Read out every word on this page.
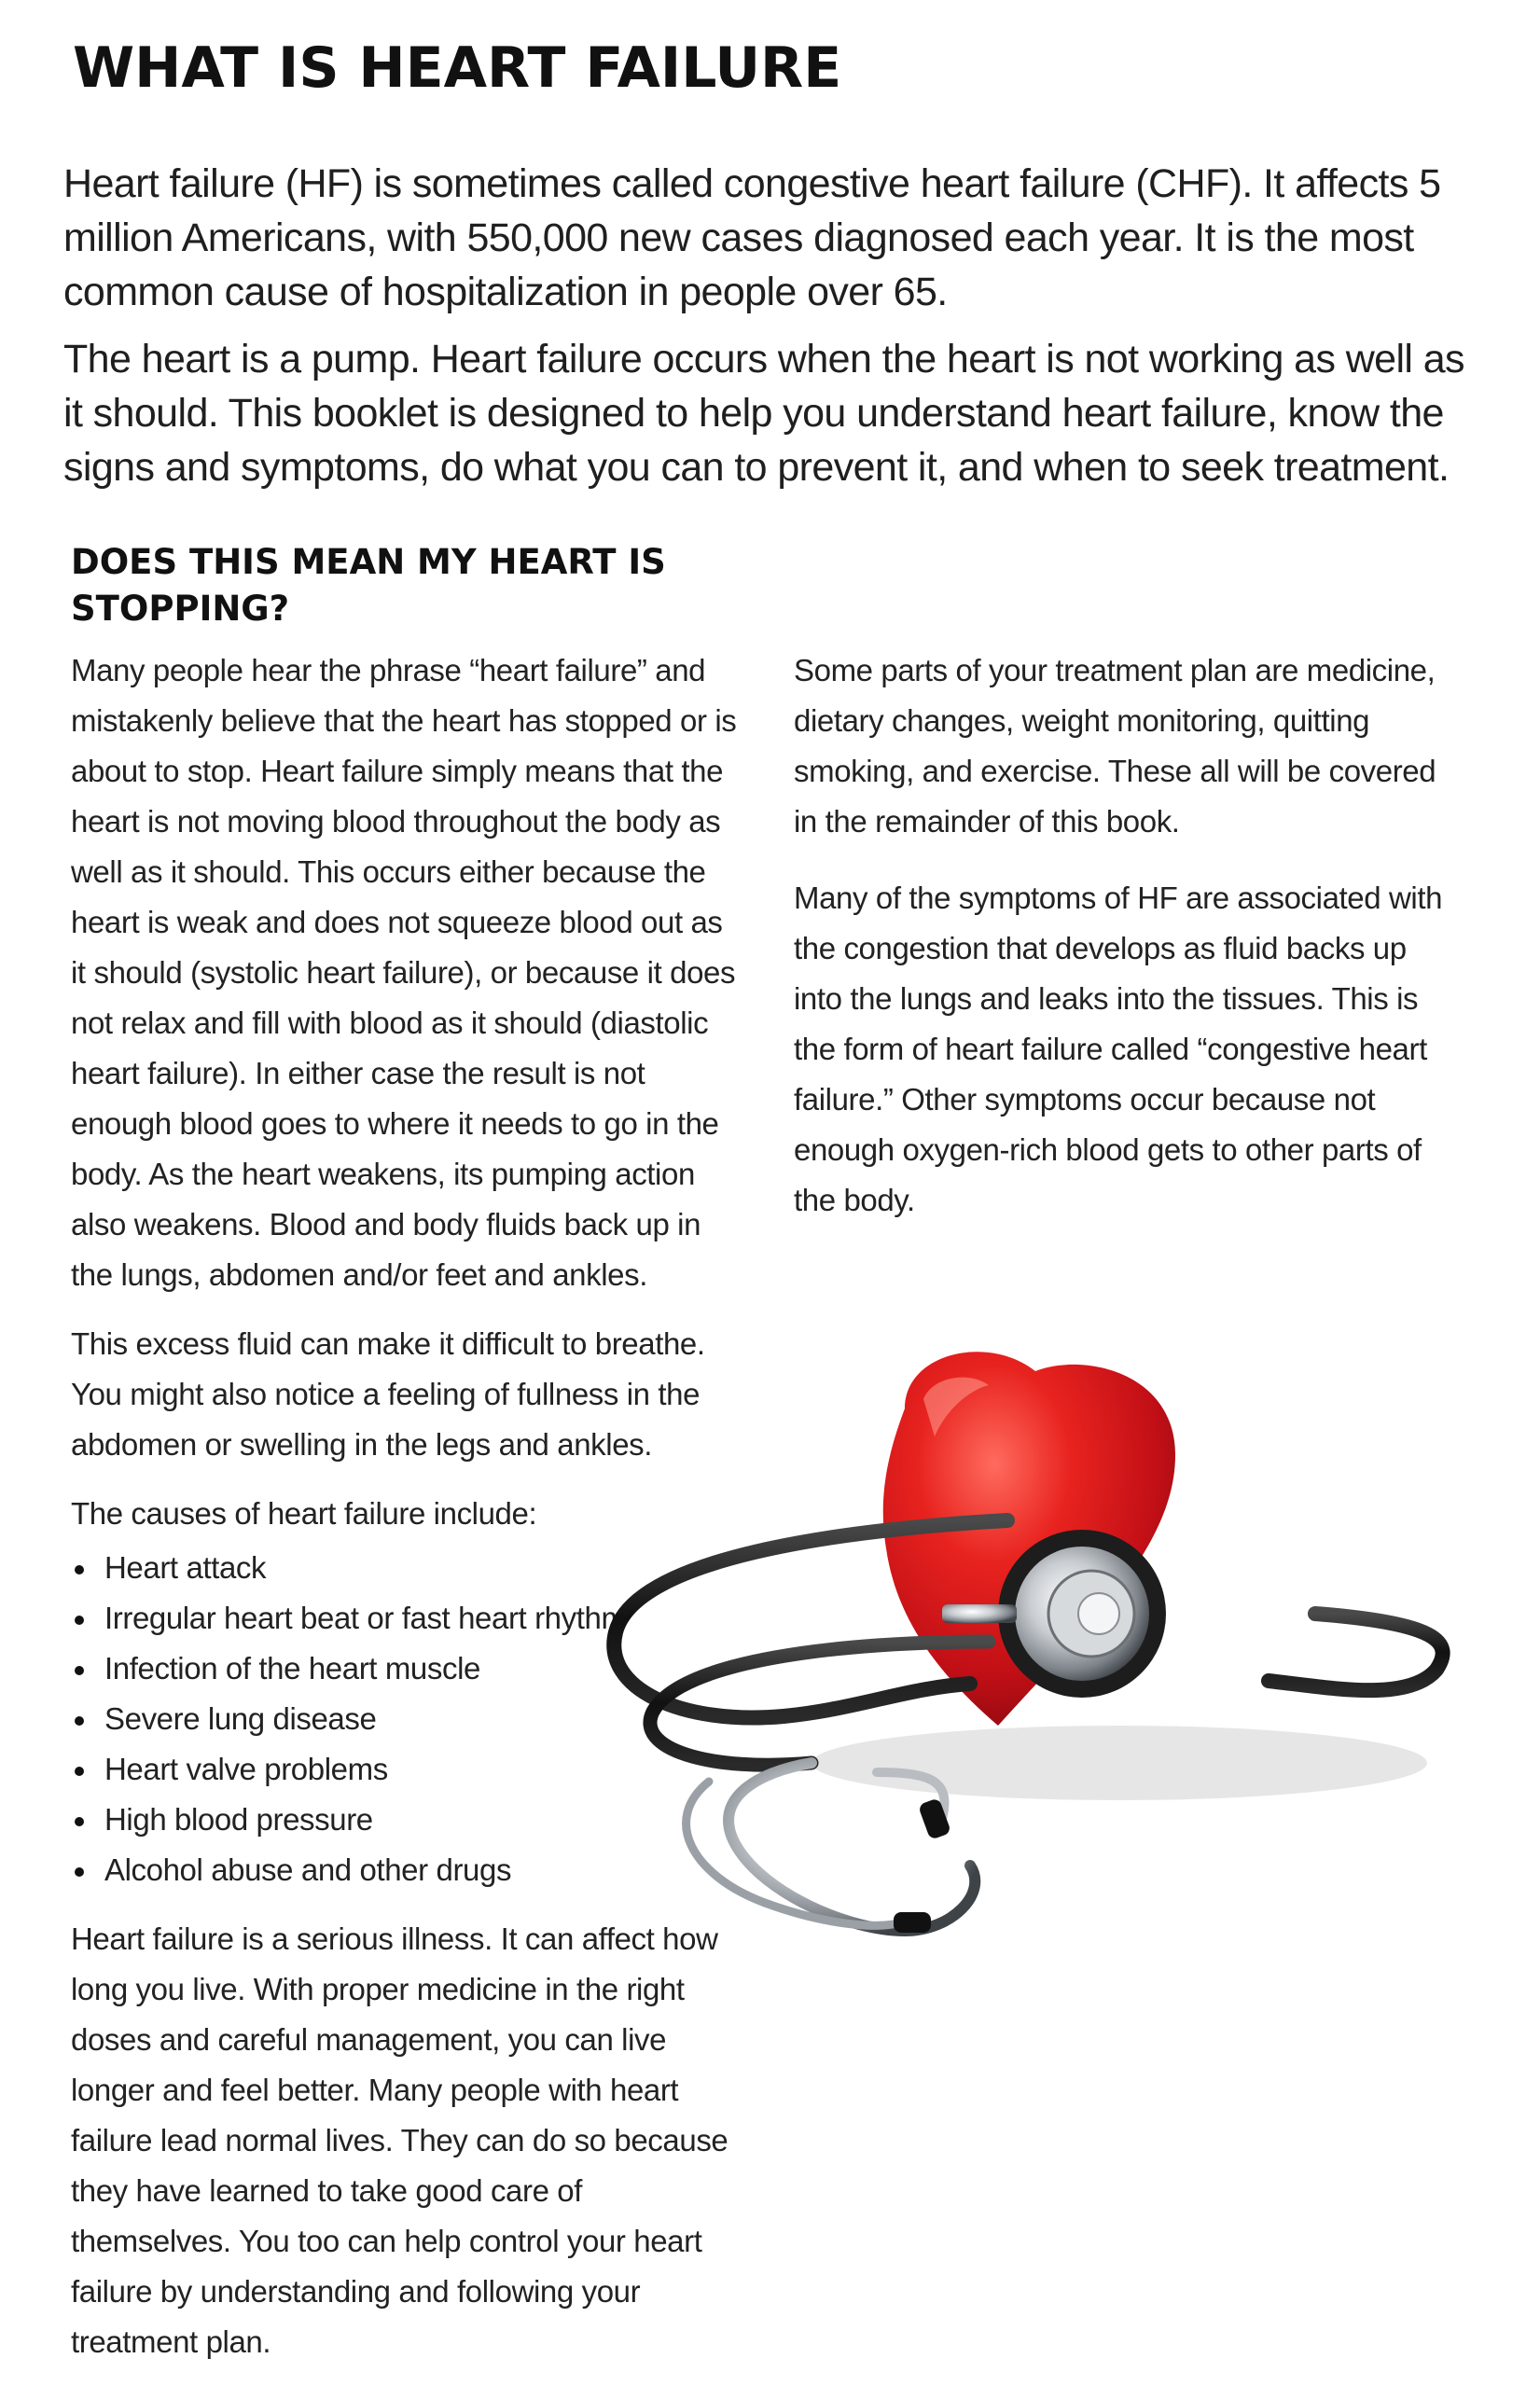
WHAT IS HEART FAILURE

Heart failure (HF) is sometimes called congestive heart failure (CHF). It affects 5 million Americans, with 550,000 new cases diagnosed each year. It is the most common cause of hospitalization in people over 65.

The heart is a pump. Heart failure occurs when the heart is not working as well as it should. This booklet is designed to help you understand heart failure, know the signs and symptoms, do what you can to prevent it, and when to seek treatment.

DOES THIS MEAN MY HEART IS STOPPING?

Many people hear the phrase “heart failure” and mistakenly believe that the heart has stopped or is about to stop. Heart failure simply means that the heart is not moving blood throughout the body as well as it should. This occurs either because the heart is weak and does not squeeze blood out as it should (systolic heart failure), or because it does not relax and fill with blood as it should (diastolic heart failure). In either case the result is not enough blood goes to where it needs to go in the body. As the heart weakens, its pumping action also weakens. Blood and body fluids back up in the lungs, abdomen and/or feet and ankles.

This excess fluid can make it difficult to breathe. You might also notice a feeling of fullness in the abdomen or swelling in the legs and ankles.

The causes of heart failure include:

Heart attack
Irregular heart beat or fast heart rhythm
Infection of the heart muscle
Severe lung disease
Heart valve problems
High blood pressure
Alcohol abuse and other drugs

Heart failure is a serious illness. It can affect how long you live. With proper medicine in the right doses and careful management, you can live longer and feel better. Many people with heart failure lead normal lives. They can do so because they have learned to take good care of themselves. You too can help control your heart failure by understanding and following your treatment plan.

Some parts of your treatment plan are medicine, dietary changes, weight monitoring, quitting smoking, and exercise. These all will be covered in the remainder of this book.

Many of the symptoms of HF are associated with the congestion that develops as fluid backs up into the lungs and leaks into the tissues. This is the form of heart failure called “congestive heart failure.” Other symptoms occur because not enough oxygen-rich blood gets to other parts of the body.
